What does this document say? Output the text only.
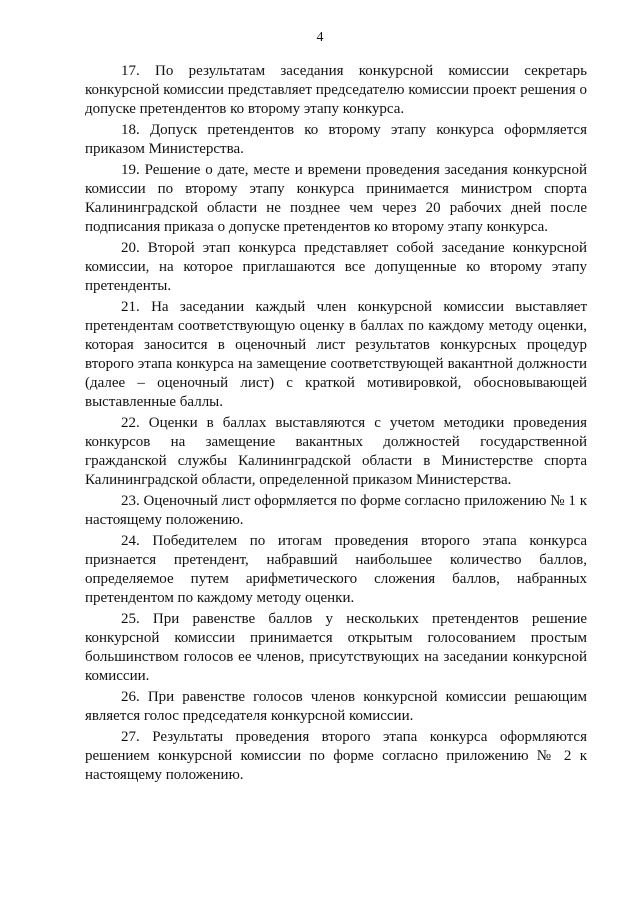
4

17. По результатам заседания конкурсной комиссии секретарь конкурсной комиссии представляет председателю комиссии проект решения о допуске претендентов ко второму этапу конкурса.

18. Допуск претендентов ко второму этапу конкурса оформляется приказом Министерства.

19. Решение о дате, месте и времени проведения заседания конкурсной комиссии по второму этапу конкурса принимается министром спорта Калининградской области не позднее чем через 20 рабочих дней после подписания приказа о допуске претендентов ко второму этапу конкурса.

20. Второй этап конкурса представляет собой заседание конкурсной комиссии, на которое приглашаются все допущенные ко второму этапу претенденты.

21. На заседании каждый член конкурсной комиссии выставляет претендентам соответствующую оценку в баллах по каждому методу оценки, которая заносится в оценочный лист результатов конкурсных процедур второго этапа конкурса на замещение соответствующей вакантной должности (далее – оценочный лист) с краткой мотивировкой, обосновывающей выставленные баллы.

22. Оценки в баллах выставляются с учетом методики проведения конкурсов на замещение вакантных должностей государственной гражданской службы Калининградской области в Министерстве спорта Калининградской области, определенной приказом Министерства.

23. Оценочный лист оформляется по форме согласно приложению № 1 к настоящему положению.

24. Победителем по итогам проведения второго этапа конкурса признается претендент, набравший наибольшее количество баллов, определяемое путем арифметического сложения баллов, набранных претендентом по каждому методу оценки.

25. При равенстве баллов у нескольких претендентов решение конкурсной комиссии принимается открытым голосованием простым большинством голосов ее членов, присутствующих на заседании конкурсной комиссии.

26. При равенстве голосов членов конкурсной комиссии решающим является голос председателя конкурсной комиссии.

27. Результаты проведения второго этапа конкурса оформляются решением конкурсной комиссии по форме согласно приложению № 2 к настоящему положению.
